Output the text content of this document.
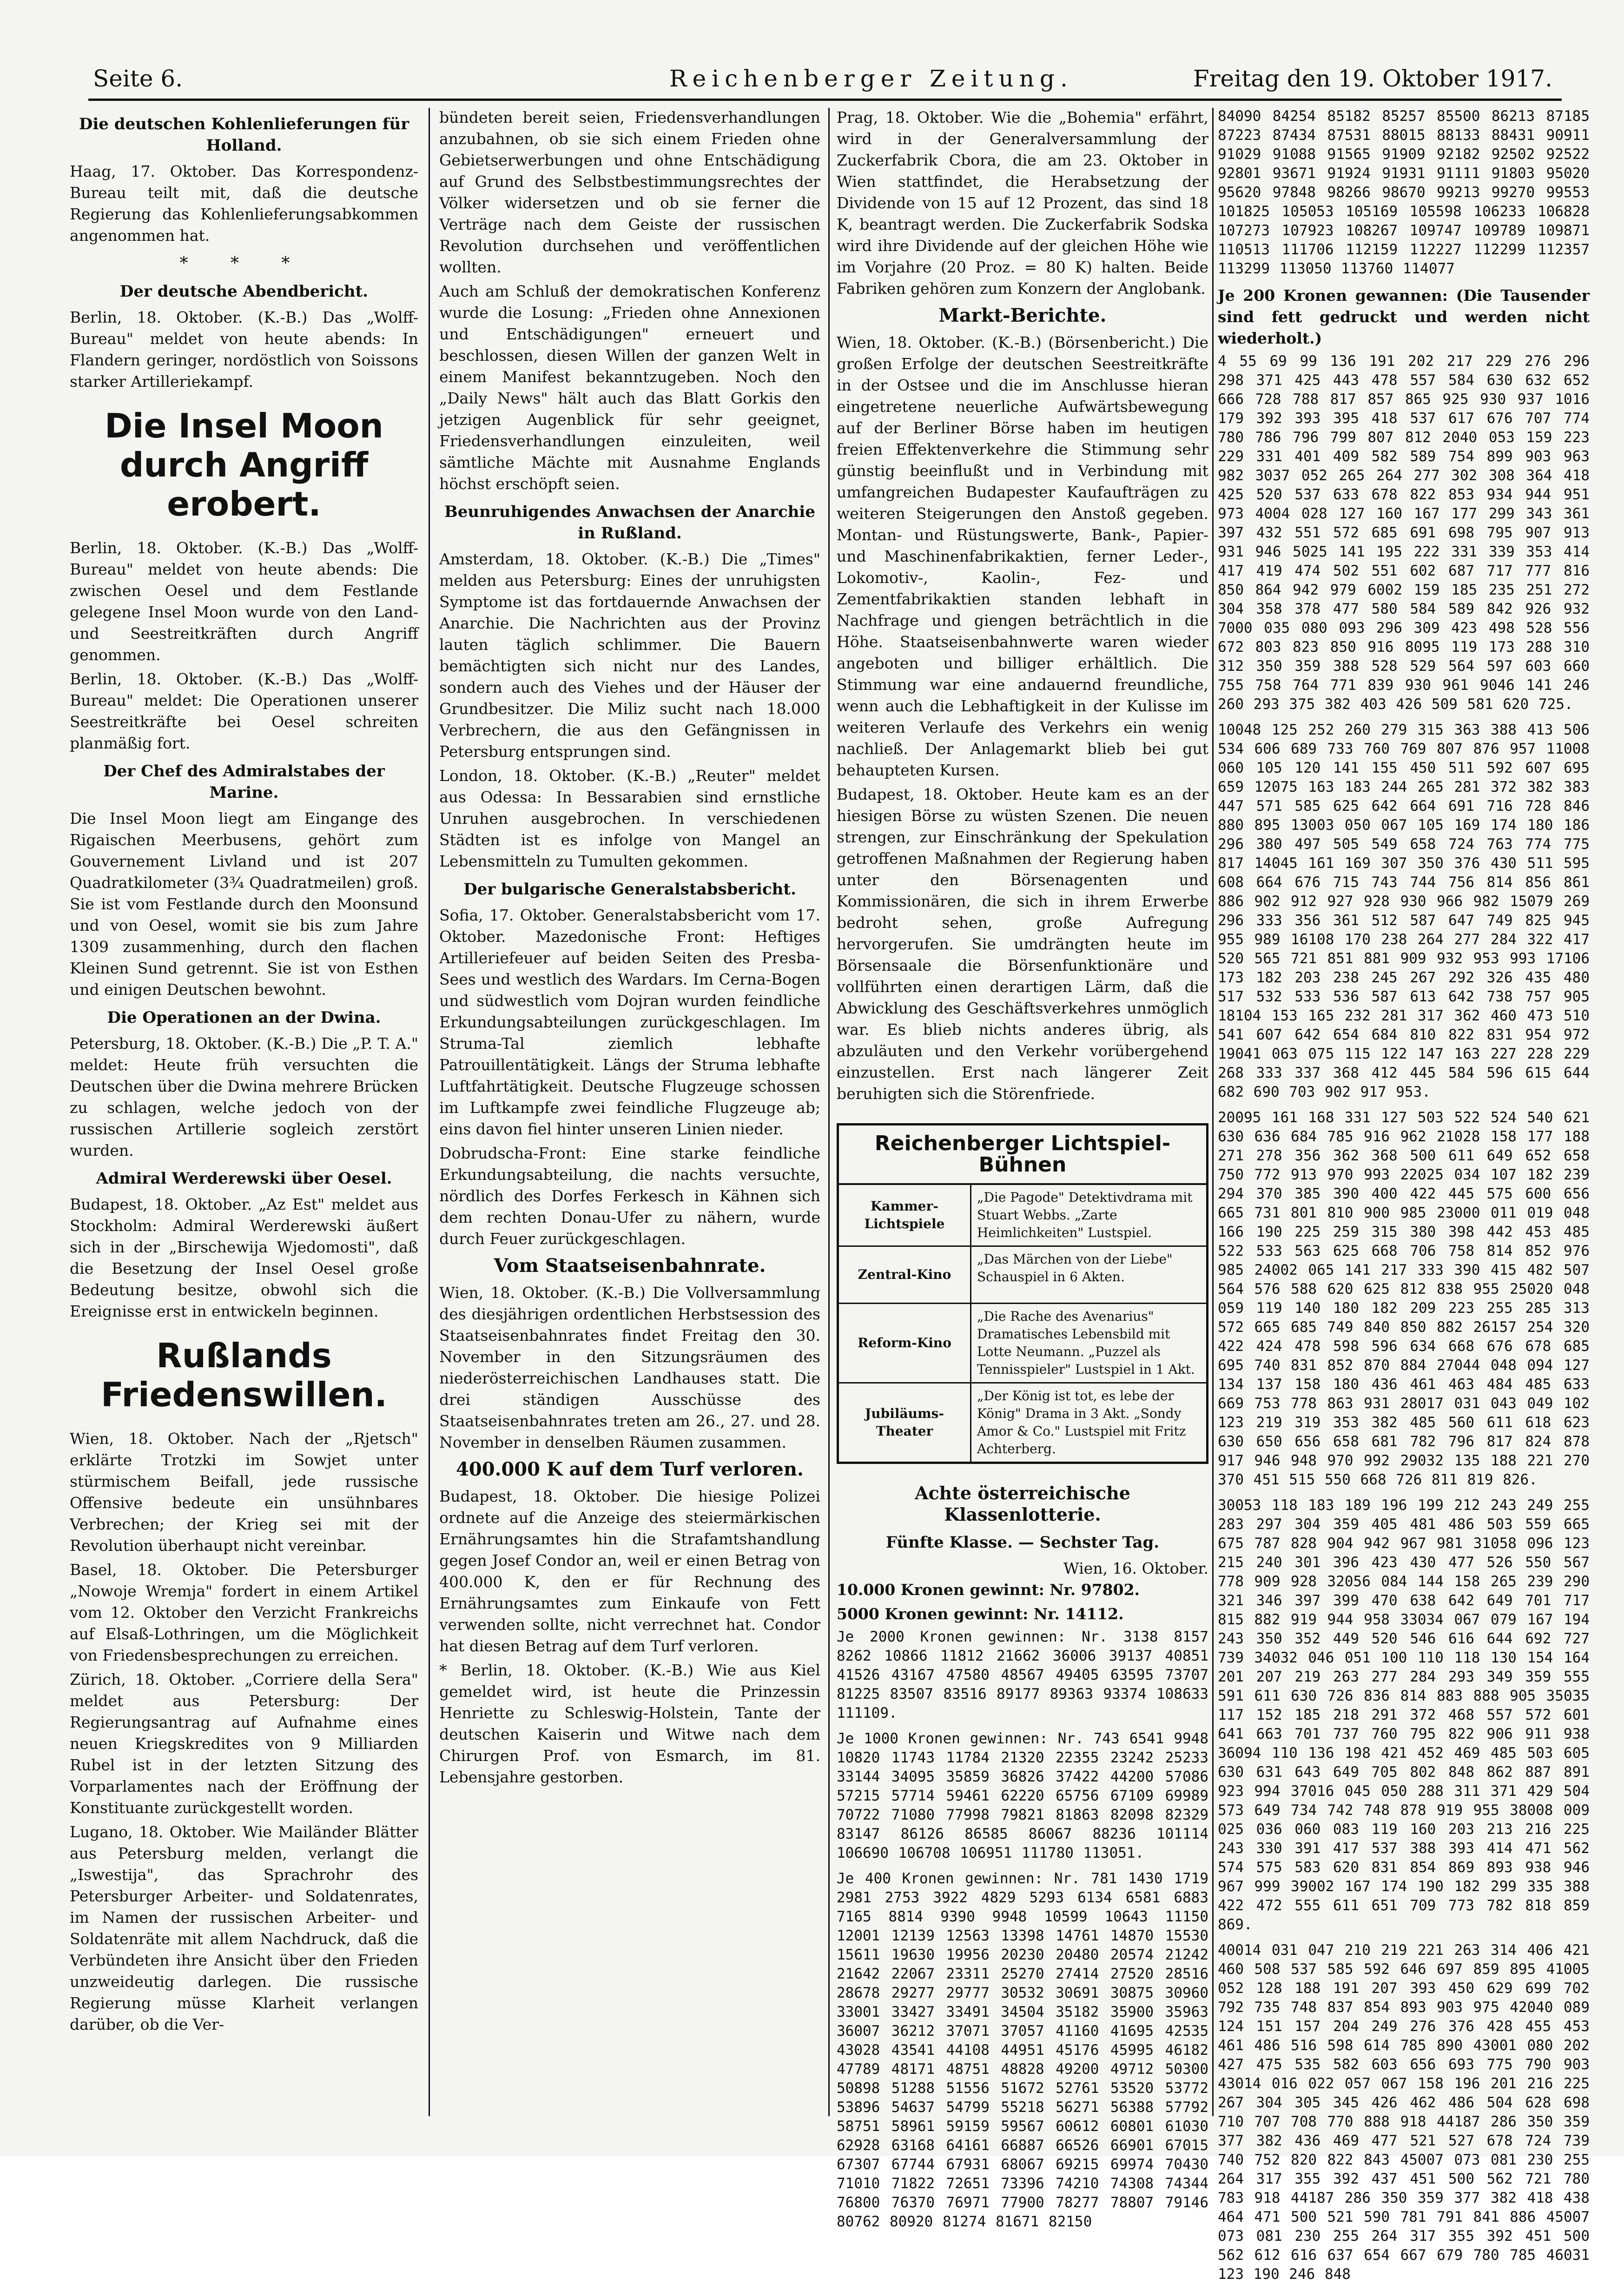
Seite 6.	Reichenberger Zeitung.	Freitag den 19. Oktober 1917.
Die deutschen Kohlenlieferungen für Holland.

Haag, 17. Oktober. Das Korrespondenz-Bureau teilt mit, daß die deutsche Regierung das Kohlenlieferungsabkommen angenommen hat.

* * *
Der deutsche Abendbericht.

Berlin, 18. Oktober. (K.-B.) Das „Wolff-Bureau" meldet von heute abends: In Flandern geringer, nordöstlich von Soissons starker Artilleriekampf.

Die Insel Moon durch Angriff erobert.

Berlin, 18. Oktober. (K.-B.) Das „Wolff-Bureau" meldet von heute abends: Die zwischen Oesel und dem Festlande gelegene Insel Moon wurde von den Land- und Seestreitkräften durch Angriff genommen.

Berlin, 18. Oktober. (K.-B.) Das „Wolff-Bureau" meldet: Die Operationen unserer Seestreitkräfte bei Oesel schreiten planmäßig fort.

Der Chef des Admiralstabes der Marine.

Die Insel Moon liegt am Eingange des Rigaischen Meerbusens, gehört zum Gouvernement Livland und ist 207 Quadratkilometer (3¾ Quadratmeilen) groß. Sie ist vom Festlande durch den Moonsund und von Oesel, womit sie bis zum Jahre 1309 zusammenhing, durch den flachen Kleinen Sund getrennt. Sie ist von Esthen und einigen Deutschen bewohnt.

Die Operationen an der Dwina.

Petersburg, 18. Oktober. (K.-B.) Die „P. T. A." meldet: Heute früh versuchten die Deutschen über die Dwina mehrere Brücken zu schlagen, welche jedoch von der russischen Artillerie sogleich zerstört wurden.

Admiral Werderewski über Oesel.

Budapest, 18. Oktober. „Az Est" meldet aus Stockholm: Admiral Werderewski äußert sich in der „Birschewija Wjedomosti", daß die Besetzung der Insel Oesel große Bedeutung besitze, obwohl sich die Ereignisse erst in entwickeln beginnen.

Rußlands Friedenswillen.

Wien, 18. Oktober. Nach der „Rjetsch" erklärte Trotzki im Sowjet unter stürmischem Beifall, jede russische Offensive bedeute ein unsühnbares Verbrechen; der Krieg sei mit der Revolution überhaupt nicht vereinbar.

Basel, 18. Oktober. Die Petersburger „Nowoje Wremja" fordert in einem Artikel vom 12. Oktober den Verzicht Frankreichs auf Elsaß-Lothringen, um die Möglichkeit von Friedensbesprechungen zu erreichen.

Zürich, 18. Oktober. „Corriere della Sera" meldet aus Petersburg: Der Regierungsantrag auf Aufnahme eines neuen Kriegskredites von 9 Milliarden Rubel ist in der letzten Sitzung des Vorparlamentes nach der Eröffnung der Konstituante zurückgestellt worden.

Lugano, 18. Oktober. Wie Mailänder Blätter aus Petersburg melden, verlangt die „Iswestija", das Sprachrohr des Petersburger Arbeiter- und Soldatenrates, im Namen der russischen Arbeiter- und Soldatenräte mit allem Nachdruck, daß die Verbündeten ihre Ansicht über den Frieden unzweideutig darlegen. Die russische Regierung müsse Klarheit verlangen darüber, ob die Ver-

bündeten bereit seien, Friedensverhandlungen anzubahnen, ob sie sich einem Frieden ohne Gebietserwerbungen und ohne Entschädigung auf Grund des Selbstbestimmungsrechtes der Völker widersetzen und ob sie ferner die Verträge nach dem Geiste der russischen Revolution durchsehen und veröffentlichen wollten.

Auch am Schluß der demokratischen Konferenz wurde die Losung: „Frieden ohne Annexionen und Entschädigungen" erneuert und beschlossen, diesen Willen der ganzen Welt in einem Manifest bekanntzugeben. Noch den „Daily News" hält auch das Blatt Gorkis den jetzigen Augenblick für sehr geeignet, Friedensverhandlungen einzuleiten, weil sämtliche Mächte mit Ausnahme Englands höchst erschöpft seien.

Beunruhigendes Anwachsen der Anarchie in Rußland.

Amsterdam, 18. Oktober. (K.-B.) Die „Times" melden aus Petersburg: Eines der unruhigsten Symptome ist das fortdauernde Anwachsen der Anarchie. Die Nachrichten aus der Provinz lauten täglich schlimmer. Die Bauern bemächtigten sich nicht nur des Landes, sondern auch des Viehes und der Häuser der Grundbesitzer. Die Miliz sucht nach 18.000 Verbrechern, die aus den Gefängnissen in Petersburg entsprungen sind.

London, 18. Oktober. (K.-B.) „Reuter" meldet aus Odessa: In Bessarabien sind ernstliche Unruhen ausgebrochen. In verschiedenen Städten ist es infolge von Mangel an Lebensmitteln zu Tumulten gekommen.

Der bulgarische Generalstabsbericht.

Sofia, 17. Oktober. Generalstabsbericht vom 17. Oktober. Mazedonische Front: Heftiges Artilleriefeuer auf beiden Seiten des Presba-Sees und westlich des Wardars. Im Cerna-Bogen und südwestlich vom Dojran wurden feindliche Erkundungsabteilungen zurückgeschlagen. Im Struma-Tal ziemlich lebhafte Patrouillentätigkeit. Längs der Struma lebhafte Luftfahrtätigkeit. Deutsche Flugzeuge schossen im Luftkampfe zwei feindliche Flugzeuge ab; eins davon fiel hinter unseren Linien nieder.

Dobrudscha-Front: Eine starke feindliche Erkundungsabteilung, die nachts versuchte, nördlich des Dorfes Ferkesch in Kähnen sich dem rechten Donau-Ufer zu nähern, wurde durch Feuer zurückgeschlagen.

Vom Staatseisenbahnrate.

Wien, 18. Oktober. (K.-B.) Die Vollversammlung des diesjährigen ordentlichen Herbstsession des Staatseisenbahnrates findet Freitag den 30. November in den Sitzungsräumen des niederösterreichischen Landhauses statt. Die drei ständigen Ausschüsse des Staatseisenbahnrates treten am 26., 27. und 28. November in denselben Räumen zusammen.

400.000 K auf dem Turf verloren.

Budapest, 18. Oktober. Die hiesige Polizei ordnete auf die Anzeige des steiermärkischen Ernährungsamtes hin die Strafamtshandlung gegen Josef Condor an, weil er einen Betrag von 400.000 K, den er für Rechnung des Ernährungsamtes zum Einkaufe von Fett verwenden sollte, nicht verrechnet hat. Condor hat diesen Betrag auf dem Turf verloren.

* Berlin, 18. Oktober. (K.-B.) Wie aus Kiel gemeldet wird, ist heute die Prinzessin Henriette zu Schleswig-Holstein, Tante der deutschen Kaiserin und Witwe nach dem Chirurgen Prof. von Esmarch, im 81. Lebensjahre gestorben.

Prag, 18. Oktober. Wie die „Bohemia" erfährt, wird in der Generalversammlung der Zuckerfabrik Cbora, die am 23. Oktober in Wien stattfindet, die Herabsetzung der Dividende von 15 auf 12 Prozent, das sind 18 K, beantragt werden. Die Zuckerfabrik Sodska wird ihre Dividende auf der gleichen Höhe wie im Vorjahre (20 Proz. = 80 K) halten. Beide Fabriken gehören zum Konzern der Anglobank.

Markt-Berichte.

Wien, 18. Oktober. (K.-B.) (Börsenbericht.) Die großen Erfolge der deutschen Seestreitkräfte in der Ostsee und die im Anschlusse hieran eingetretene neuerliche Aufwärtsbewegung auf der Berliner Börse haben im heutigen freien Effektenverkehre die Stimmung sehr günstig beeinflußt und in Verbindung mit umfangreichen Budapester Kaufaufträgen zu weiteren Steigerungen den Anstoß gegeben. Montan- und Rüstungswerte, Bank-, Papier- und Maschinenfabrikaktien, ferner Leder-, Lokomotiv-, Kaolin-, Fez- und Zementfabrikaktien standen lebhaft in Nachfrage und giengen beträchtlich in die Höhe. Staatseisenbahnwerte waren wieder angeboten und billiger erhältlich. Die Stimmung war eine andauernd freundliche, wenn auch die Lebhaftigkeit in der Kulisse im weiteren Verlaufe des Verkehrs ein wenig nachließ. Der Anlagemarkt blieb bei gut behaupteten Kursen.

Budapest, 18. Oktober. Heute kam es an der hiesigen Börse zu wüsten Szenen. Die neuen strengen, zur Einschränkung der Spekulation getroffenen Maßnahmen der Regierung haben unter den Börsenagenten und Kommissionären, die sich in ihrem Erwerbe bedroht sehen, große Aufregung hervorgerufen. Sie umdrängten heute im Börsensaale die Börsenfunktionäre und vollführten einen derartigen Lärm, daß die Abwicklung des Geschäftsverkehres unmöglich war. Es blieb nichts anderes übrig, als abzuläuten und den Verkehr vorübergehend einzustellen. Erst nach längerer Zeit beruhigten sich die Störenfriede.

Reichenberger Lichtspiel-Bühnen
Kammer-Lichtspiele
„Die Pagode" Detektivdrama mit Stuart Webbs. „Zarte Heimlichkeiten" Lustspiel.
Zentral-Kino
„Das Märchen von der Liebe" Schauspiel in 6 Akten.
Reform-Kino
„Die Rache des Avenarius" Dramatisches Lebensbild mit Lotte Neumann. „Puzzel als Tennisspieler" Lustspiel in 1 Akt.
Jubiläums-Theater
„Der König ist tot, es lebe der König" Drama in 3 Akt. „Sondy Amor & Co." Lustspiel mit Fritz Achterberg.
Achte österreichische Klassenlotterie.
Fünfte Klasse. — Sechster Tag.
Wien, 16. Oktober.

10.000 Kronen gewinnt: Nr. 97802.

5000 Kronen gewinnt: Nr. 14112.

Je 2000 Kronen gewinnen: Nr. 3138 8157 8262 10866 11812 21662 36006 39137 40851 41526 43167 47580 48567 49405 63595 73707 81225 83507 83516 89177 89363 93374 108633 111109.

Je 1000 Kronen gewinnen: Nr. 743 6541 9948 10820 11743 11784 21320 22355 23242 25233 33144 34095 35859 36826 37422 44200 57086 57215 57714 59461 62220 65756 67109 69989 70722 71080 77998 79821 81863 82098 82329 83147 86126 86585 86067 88236 101114 106690 106708 106951 111780 113051.

Je 400 Kronen gewinnen: Nr. 781 1430 1719 2981 2753 3922 4829 5293 6134 6581 6883 7165 8814 9390 9948 10599 10643 11150 12001 12139 12563 13398 14761 14870 15530 15611 19630 19956 20230 20480 20574 21242 21642 22067 23311 25270 27414 27520 28516 28678 29277 29777 30532 30691 30875 30960 33001 33427 33491 34504 35182 35900 35963 36007 36212 37071 37057 41160 41695 42535 43028 43541 44108 44951 45176 45995 46182 47789 48171 48751 48828 49200 49712 50300 50898 51288 51556 51672 52761 53520 53772 53896 54637 54799 55218 56271 56388 57792 58751 58961 59159 59567 60612 60801 61030 62928 63168 64161 66887 66526 66901 67015 67307 67744 67931 68067 69215 69974 70430 71010 71822 72651 73396 74210 74308 74344 76800 76370 76971 77900 78277 78807 79146 80762 80920 81274 81671 82150

84090 84254 85182 85257 85500 86213 87185 87223 87434 87531 88015 88133 88431 90911 91029 91088 91565 91909 92182 92502 92522 92801 93671 91924 91931 91111 91803 95020 95620 97848 98266 98670 99213 99270 99553 101825 105053 105169 105598 106233 106828 107273 107923 108267 109747 109789 109871 110513 111706 112159 112227 112299 112357 113299 113050 113760 114077

Je 200 Kronen gewannen: (Die Tausender sind fett gedruckt und werden nicht wiederholt.)

4 55 69 99 136 191 202 217 229 276 296 298 371 425 443 478 557 584 630 632 652 666 728 788 817 857 865 925 930 937 1016 179 392 393 395 418 537 617 676 707 774 780 786 796 799 807 812 2040 053 159 223 229 331 401 409 582 589 754 899 903 963 982 3037 052 265 264 277 302 308 364 418 425 520 537 633 678 822 853 934 944 951 973 4004 028 127 160 167 177 299 343 361 397 432 551 572 685 691 698 795 907 913 931 946 5025 141 195 222 331 339 353 414 417 419 474 502 551 602 687 717 777 816 850 864 942 979 6002 159 185 235 251 272 304 358 378 477 580 584 589 842 926 932 7000 035 080 093 296 309 423 498 528 556 672 803 823 850 916 8095 119 173 288 310 312 350 359 388 528 529 564 597 603 660 755 758 764 771 839 930 961 9046 141 246 260 293 375 382 403 426 509 581 620 725.

10048 125 252 260 279 315 363 388 413 506 534 606 689 733 760 769 807 876 957 11008 060 105 120 141 155 450 511 592 607 695 659 12075 163 183 244 265 281 372 382 383 447 571 585 625 642 664 691 716 728 846 880 895 13003 050 067 105 169 174 180 186 296 380 497 505 549 658 724 763 774 775 817 14045 161 169 307 350 376 430 511 595 608 664 676 715 743 744 756 814 856 861 886 902 912 927 928 930 966 982 15079 269 296 333 356 361 512 587 647 749 825 945 955 989 16108 170 238 264 277 284 322 417 520 565 721 851 881 909 932 953 993 17106 173 182 203 238 245 267 292 326 435 480 517 532 533 536 587 613 642 738 757 905 18104 153 165 232 281 317 362 460 473 510 541 607 642 654 684 810 822 831 954 972 19041 063 075 115 122 147 163 227 228 229 268 333 337 368 412 445 584 596 615 644 682 690 703 902 917 953.

20095 161 168 331 127 503 522 524 540 621 630 636 684 785 916 962 21028 158 177 188 271 278 356 362 368 500 611 649 652 658 750 772 913 970 993 22025 034 107 182 239 294 370 385 390 400 422 445 575 600 656 665 731 801 810 900 985 23000 011 019 048 166 190 225 259 315 380 398 442 453 485 522 533 563 625 668 706 758 814 852 976 985 24002 065 141 217 333 390 415 482 507 564 576 588 620 625 812 838 955 25020 048 059 119 140 180 182 209 223 255 285 313 572 665 685 749 840 850 882 26157 254 320 422 424 478 598 596 634 668 676 678 685 695 740 831 852 870 884 27044 048 094 127 134 137 158 180 436 461 463 484 485 633 669 753 778 863 931 28017 031 043 049 102 123 219 319 353 382 485 560 611 618 623 630 650 656 658 681 782 796 817 824 878 917 946 948 970 992 29032 135 188 221 270 370 451 515 550 668 726 811 819 826.

30053 118 183 189 196 199 212 243 249 255 283 297 304 359 405 481 486 503 559 665 675 787 828 904 942 967 981 31058 096 123 215 240 301 396 423 430 477 526 550 567 778 909 928 32056 084 144 158 265 239 290 321 346 397 399 470 638 642 649 701 717 815 882 919 944 958 33034 067 079 167 194 243 350 352 449 520 546 616 644 692 727 739 34032 046 051 100 110 118 130 154 164 201 207 219 263 277 284 293 349 359 555 591 611 630 726 836 814 883 888 905 35035 117 152 185 218 291 372 468 557 572 601 641 663 701 737 760 795 822 906 911 938 36094 110 136 198 421 452 469 485 503 605 630 631 643 649 705 802 848 862 887 891 923 994 37016 045 050 288 311 371 429 504 573 649 734 742 748 878 919 955 38008 009 025 036 060 083 119 160 203 213 216 225 243 330 391 417 537 388 393 414 471 562 574 575 583 620 831 854 869 893 938 946 967 999 39002 167 174 190 182 299 335 388 422 472 555 611 651 709 773 782 818 859 869.

40014 031 047 210 219 221 263 314 406 421 460 508 537 585 592 646 697 859 895 41005 052 128 188 191 207 393 450 629 699 702 792 735 748 837 854 893 903 975 42040 089 124 151 157 204 249 276 376 428 455 453 461 486 516 598 614 785 890 43001 080 202 427 475 535 582 603 656 693 775 790 903 43014 016 022 057 067 158 196 201 216 225 267 304 305 345 426 462 486 504 628 698 710 707 708 770 888 918 44187 286 350 359 377 382 436 469 477 521 527 678 724 739 740 752 820 822 843 45007 073 081 230 255 264 317 355 392 437 451 500 562 721 780 783 918 44187 286 350 359 377 382 418 438 464 471 500 521 590 781 791 841 886 45007 073 081 230 255 264 317 355 392 451 500 562 612 616 637 654 667 679 780 785 46031 123 190 246 848
